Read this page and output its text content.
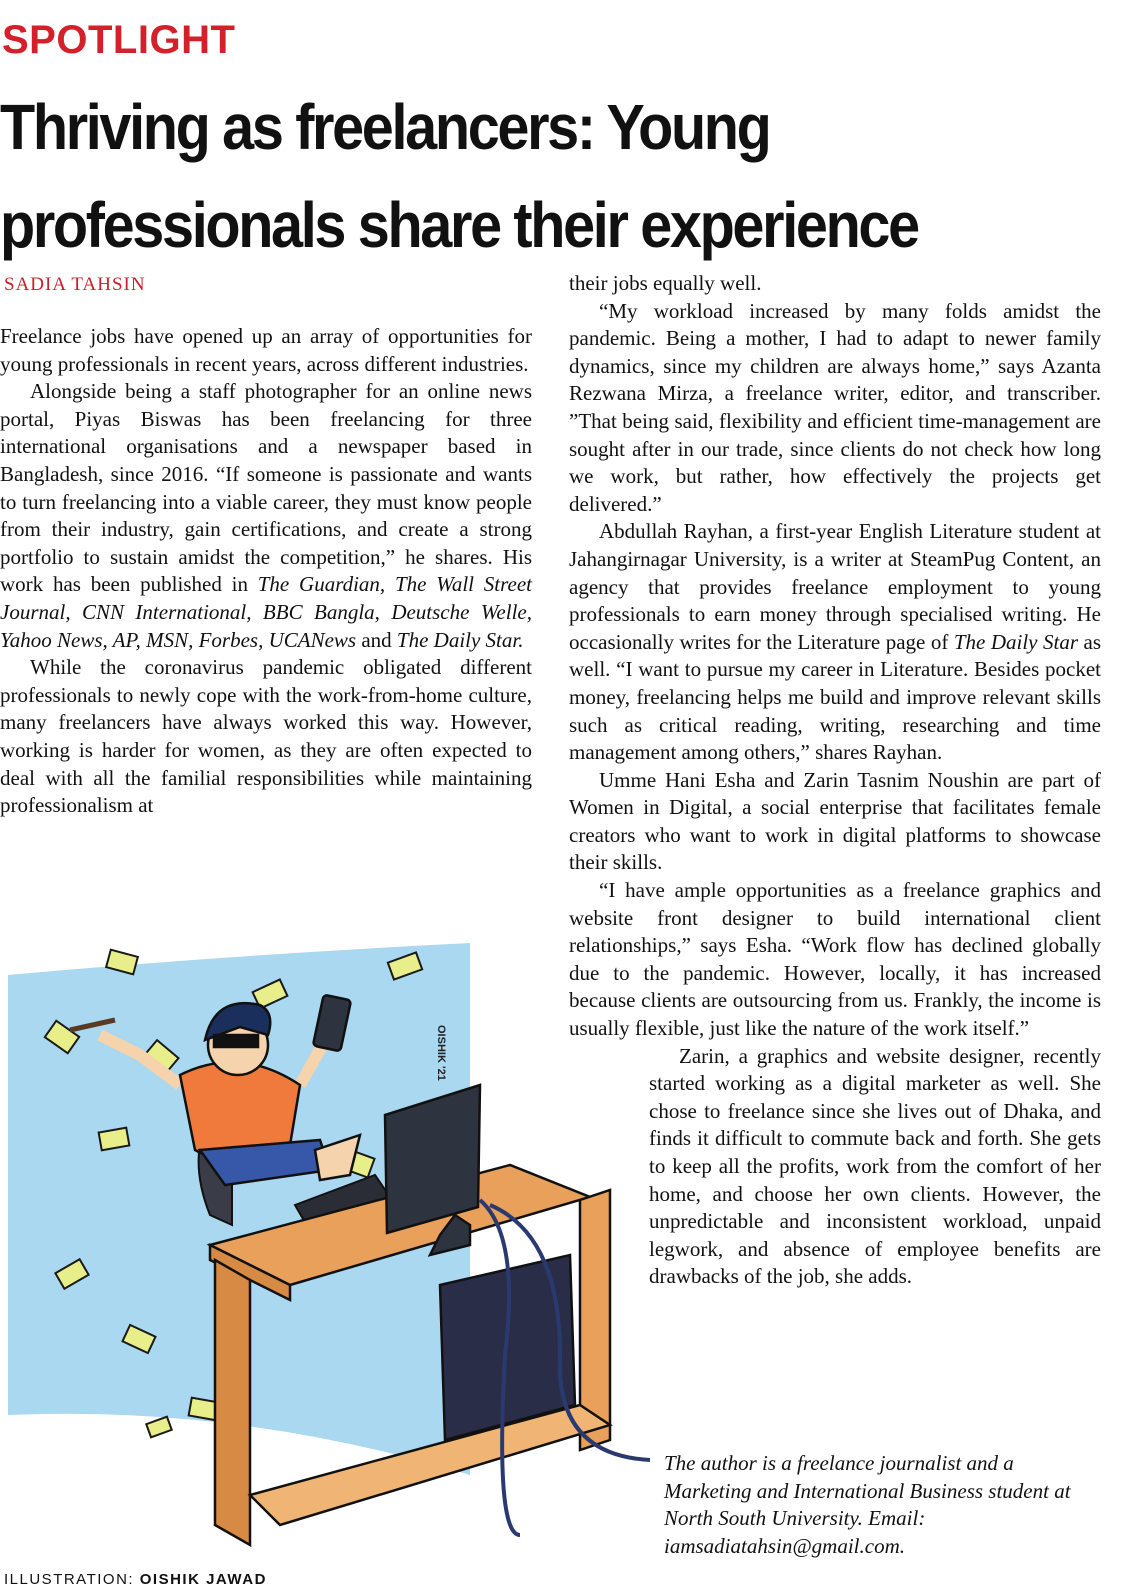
SPOTLIGHT
Thriving as freelancers: Young
professionals share their experience
SADIA TAHSIN

Freelance jobs have opened up an array of opportunities for young professionals in recent years, across different industries.

Alongside being a staff photographer for an online news portal, Piyas Biswas has been freelancing for three international organisations and a newspaper based in Bangladesh, since 2016. “If someone is passionate and wants to turn freelancing into a viable career, they must know people from their industry, gain certifications, and create a strong portfolio to sustain amidst the competition,” he shares. His work has been published in The Guardian, The Wall Street Journal, CNN International, BBC Bangla, Deutsche Welle, Yahoo News, AP, MSN, Forbes, UCANews and The Daily Star.

While the coronavirus pandemic obligated different professionals to newly cope with the work-from-home culture, many freelancers have always worked this way. However, working is harder for women, as they are often expected to deal with all the familial responsibilities while maintaining professionalism at

their jobs equally well.

“My workload increased by many folds amidst the pandemic. Being a mother, I had to adapt to newer family dynamics, since my children are always home,” says Azanta Rezwana Mirza, a freelance writer, editor, and transcriber. ”That being said, flexibility and efficient time-management are sought after in our trade, since clients do not check how long we work, but rather, how effectively the projects get delivered.”

Abdullah Rayhan, a first-year English Literature student at Jahangirnagar University, is a writer at SteamPug Content, an agency that provides freelance employment to young professionals to earn money through specialised writing. He occasionally writes for the Literature page of The Daily Star as well. “I want to pursue my career in Literature. Besides pocket money, freelancing helps me build and improve relevant skills such as critical reading, writing, researching and time management among others,” shares Rayhan.

Umme Hani Esha and Zarin Tasnim Noushin are part of Women in Digital, a social enterprise that facilitates female creators who want to work in digital platforms to showcase their skills.

“I have ample opportunities as a freelance graphics and website front designer to build international client relationships,” says Esha. “Work flow has declined globally due to the pandemic. However, locally, it has increased because clients are outsourcing from us. Frankly, the income is usually flexible, just like the nature of the work itself.”

Zarin, a graphics and website designer, recently started working as a digital marketer as well. She chose to freelance since she lives out of Dhaka, and finds it difficult to commute back and forth. She gets to keep all the profits, work from the comfort of her home, and choose her own clients. However, the unpredictable and inconsistent workload, unpaid legwork, and absence of employee benefits are drawbacks of the job, she adds.

OISHIK '21
The author is a freelance journalist and a Marketing and International Business student at North South University. Email: iamsadiatahsin@gmail.com.
ILLUSTRATION: OISHIK JAWAD
